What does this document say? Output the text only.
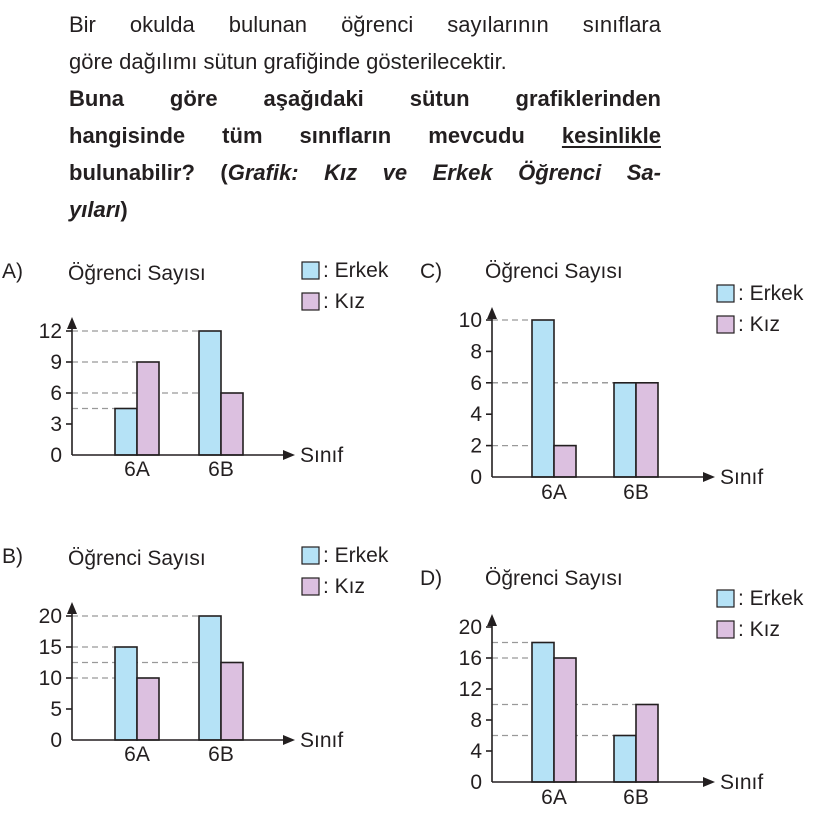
Bir okulda bulunan öğrenci sayılarının sınıflara
göre dağılımı sütun grafiğinde gösterilecektir.
Buna göre aşağıdaki sütun grafiklerinden
hangisinde tüm sınıfların mevcudu kesinlikle
bulunabilir? (Grafik: Kız ve Erkek Öğrenci Sa-
yıları)

A) Öğrenci Sayısı	: Erkek
: Kız
Sınıf
0
3
6
9
12
6A	6B
B) Öğrenci Sayısı	: Erkek
: Kız
Sınıf
0
5
10
15
20
6A	6B
C) Öğrenci Sayısı
: Erkek
: Kız
Sınıf
0
2
4
6
8
10
6A	6B
D) Öğrenci Sayısı
: Erkek
: Kız
Sınıf
0
4
8
12
16
20
6A	6B
